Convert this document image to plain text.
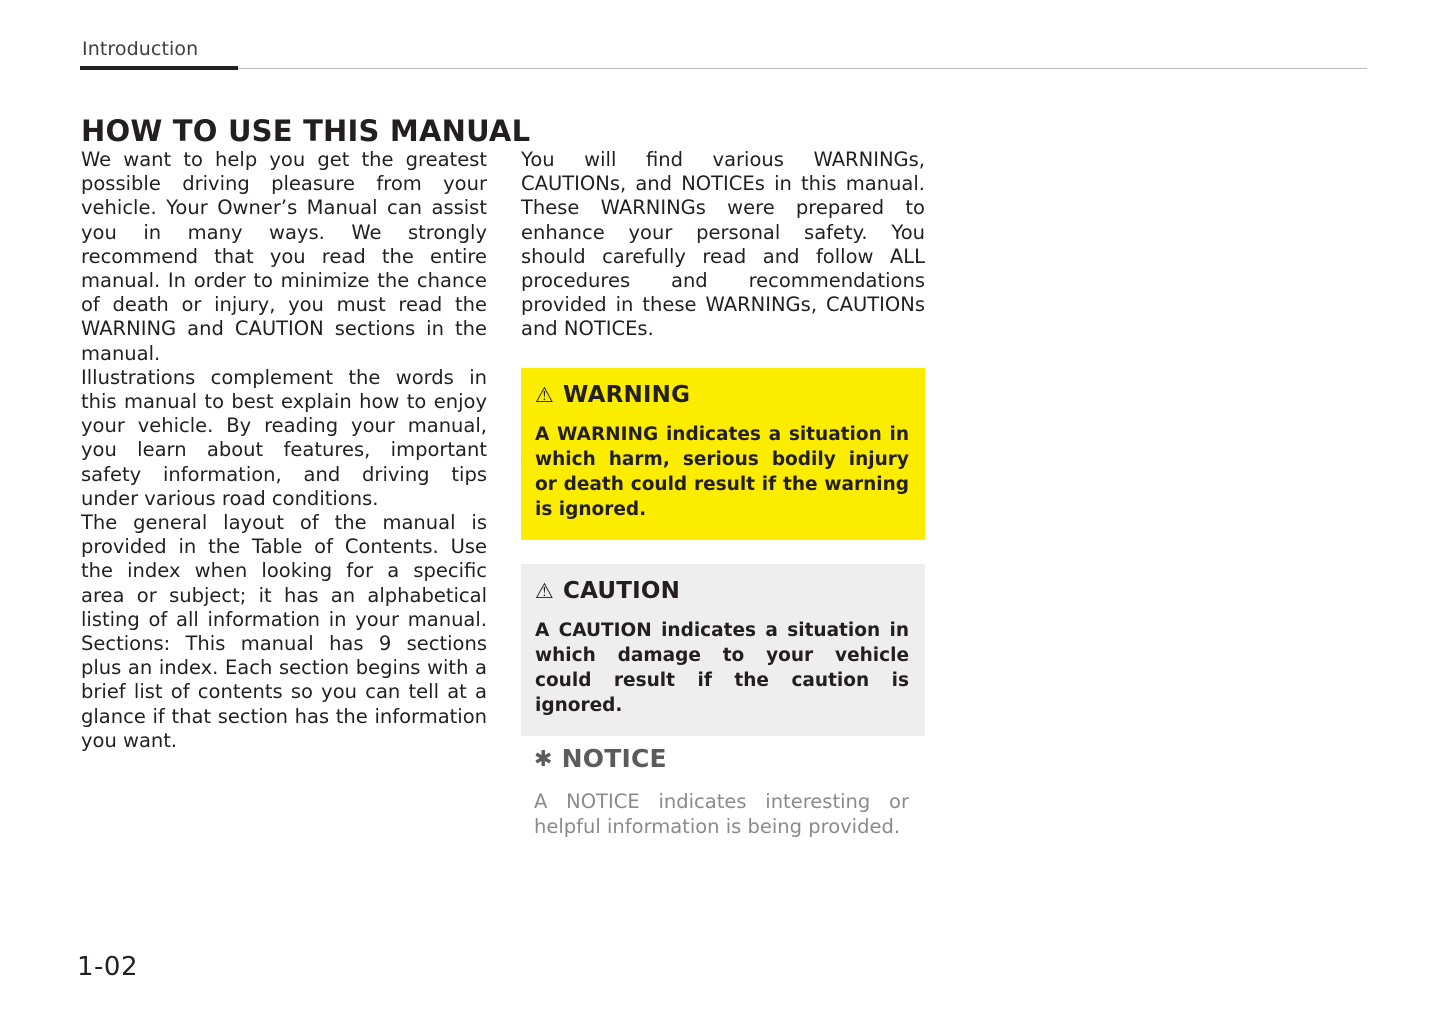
Introduction
HOW TO USE THIS MANUAL

We want to help you get the greatest possible driving pleasure from your vehicle. Your Owner’s Manual can assist you in many ways. We strongly recommend that you read the entire manual. In order to minimize the chance of death or injury, you must read the WARNING and CAUTION sections in the manual.

Illustrations complement the words in this manual to best explain how to enjoy your vehicle. By reading your manual, you learn about features, important safety information, and driving tips under various road conditions.

The general layout of the manual is provided in the Table of Contents. Use the index when looking for a specific area or subject; it has an alphabetical listing of all information in your manual. Sections: This manual has 9 sections plus an index. Each section begins with a brief list of contents so you can tell at a glance if that section has the information you want.

You will find various WARNINGs, CAUTIONs, and NOTICEs in this manual. These WARNINGs were prepared to enhance your personal safety. You should carefully read and follow ALL procedures and recommendations provided in these WARNINGs, CAUTIONs and NOTICEs.

⚠ WARNING
A WARNING indicates a situation in which harm, serious bodily injury or death could result if the warning is ignored.
⚠ CAUTION
A CAUTION indicates a situation in which damage to your vehicle could result if the caution is ignored.
✱ NOTICE
A NOTICE indicates interesting or helpful information is being provided.
1-02
